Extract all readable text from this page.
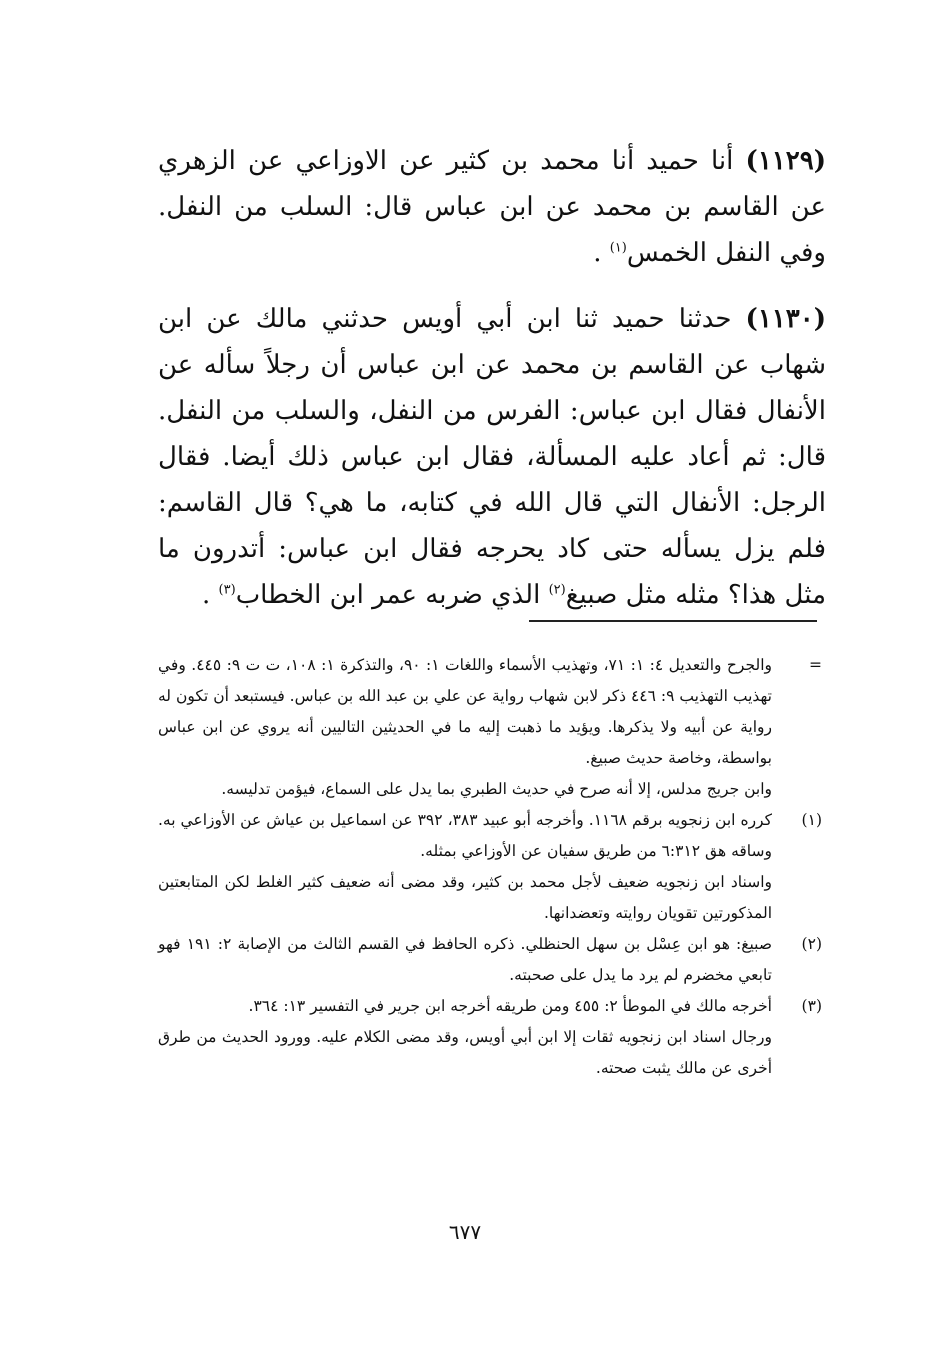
(١١٢٩) أنا حميد أنا محمد بن كثير عن الاوزاعي عن الزهري عن القاسم بن محمد عن ابن عباس قال: السلب من النفل. وفي النفل الخمس$^{(١)}$ .

(١١٣٠) حدثنا حميد ثنا ابن أبي أويس حدثني مالك عن ابن شهاب عن القاسم بن محمد عن ابن عباس أن رجلاً سأله عن الأنفال فقال ابن عباس: الفرس من النفل، والسلب من النفل. قال: ثم أعاد عليه المسألة، فقال ابن عباس ذلك أيضا. فقال الرجل: الأنفال التي قال الله في كتابه، ما هي؟ قال القاسم: فلم يزل يسأله حتى كاد يحرجه فقال ابن عباس: أتدرون ما مثل هذا؟ مثله مثل صبيغ$^{(٢)}$ الذي ضربه عمر ابن الخطاب$^{(٣)}$ .

=

والجرح والتعديل ٤: ١: ٧١، وتهذيب الأسماء واللغات ١: ٩٠، والتذكرة ١: ١٠٨، ت ت ٩: ٤٤٥. وفي تهذيب التهذيب ٩: ٤٤٦ ذكر لابن شهاب رواية عن علي بن عبد الله بن عباس. فيستبعد أن تكون له رواية عن أبيه ولا يذكرها. ويؤيد ما ذهبت إليه ما في الحديثين التاليين أنه يروي عن ابن عباس بواسطة، وخاصة حديث صبيغ.

وابن جريج مدلس، إلا أنه صرح في حديث الطبري بما يدل على السماع، فيؤمن تدليسه.

(١)

كرره ابن زنجويه برقم ١١٦٨. وأخرجه أبو عبيد ٣٨٣، ٣٩٢ عن اسماعيل بن عياش عن الأوزاعي به. وساقه هق ٦:٣١٢ من طريق سفيان عن الأوزاعي بمثله.

واسناد ابن زنجويه ضعيف لأجل محمد بن كثير، وقد مضى أنه ضعيف كثير الغلط لكن المتابعتين المذكورتين تقويان روايته وتعضدانها.

(٢)

صبيغ: هو ابن عِسْل بن سهل الحنظلي. ذكره الحافظ في القسم الثالث من الإصابة ٢: ١٩١ فهو تابعي مخضرم لم يرد ما يدل على صحبته.

(٣)

أخرجه مالك في الموطأ ٢: ٤٥٥ ومن طريقه أخرجه ابن جرير في التفسير ١٣: ٣٦٤.

ورجال اسناد ابن زنجويه ثقات إلا ابن أبي أويس، وقد مضى الكلام عليه. وورود الحديث من طرق أخرى عن مالك يثبت صحته.

٦٧٧
